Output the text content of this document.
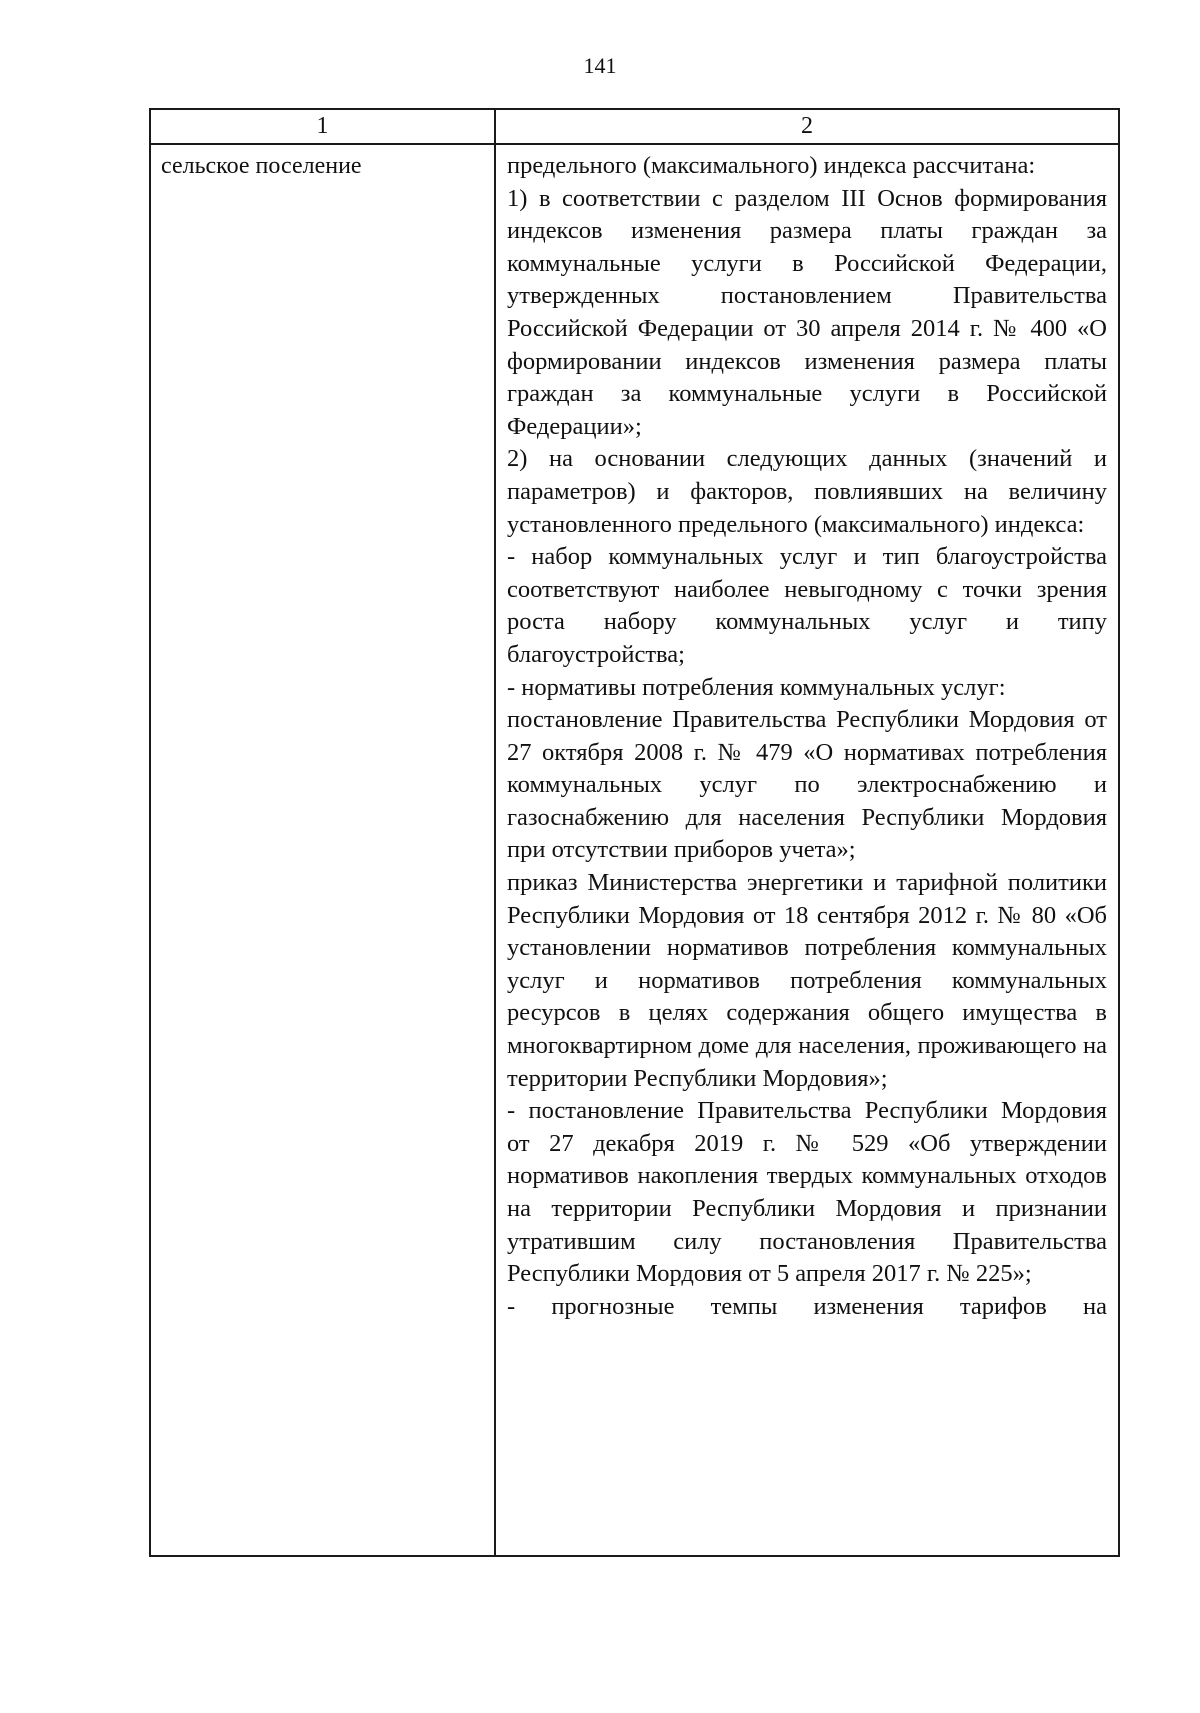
141
1	2
сельское поселение	предельного (максимального) индекса рассчитана:

1) в соответствии с разделом III Основ формирования индексов изменения размера платы граждан за коммунальные услуги в Российской Федерации, утвержденных постановлением Правительства Российской Федерации от 30 апреля 2014 г. № 400 «О формировании индексов изменения размера платы граждан за коммунальные услуги в Российской Федерации»;

2) на основании следующих данных (значений и параметров) и факторов, повлиявших на величину установленного предельного (максимального) индекса:

- набор коммунальных услуг и тип благоустройства соответствуют наиболее невыгодному с точки зрения роста набору коммунальных услуг и типу благоустройства;

- нормативы потребления коммунальных услуг:

постановление Правительства Республики Мордовия от 27 октября 2008 г. № 479 «О нормативах потребления коммунальных услуг по электроснабжению и газоснабжению для населения Республики Мордовия при отсутствии приборов учета»;

приказ Министерства энергетики и тарифной политики Республики Мордовия от 18 сентября 2012 г. № 80 «Об установлении нормативов потребления коммунальных услуг и нормативов потребления коммунальных ресурсов в целях содержания общего имущества в многоквартирном доме для населения, проживающего на территории Республики Мордовия»;

- постановление Правительства Республики Мордовия от 27 декабря 2019 г. № 529 «Об утверждении нормативов накопления твердых коммунальных отходов на территории Республики Мордовия и признании утратившим силу постановления Правительства Республики Мордовия от 5 апреля 2017 г. № 225»;

- прогнозные темпы изменения тарифов на
